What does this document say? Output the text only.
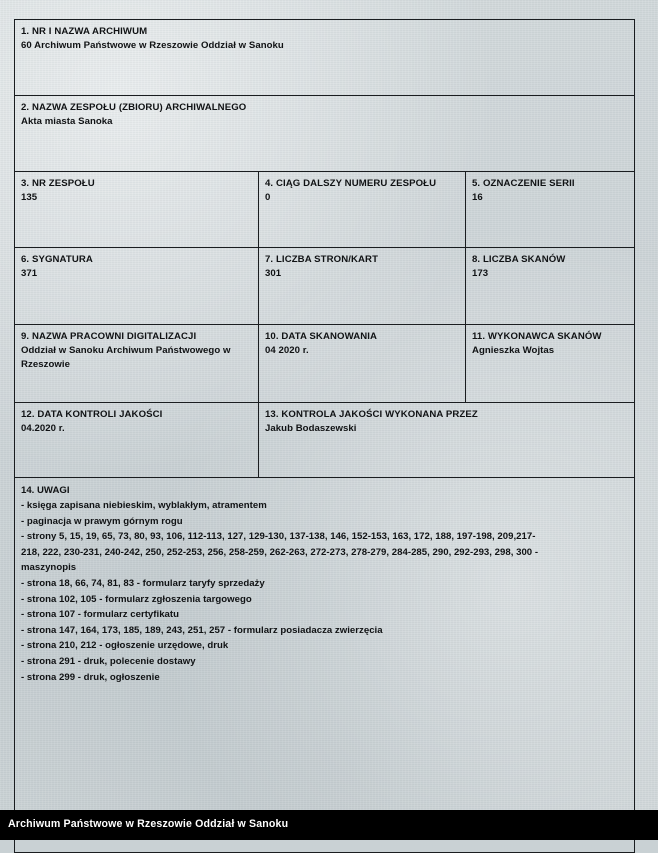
1. NR I NAZWA ARCHIWUM
60 Archiwum Państwowe w Rzeszowie Oddział w Sanoku		

2. NAZWA ZESPOŁU (ZBIORU) ARCHIWALNEGO
Akta miasta Sanoka		

3. NR ZESPOŁU
135

4. CIĄG DALSZY NUMERU ZESPOŁU
0

5. OZNACZENIE SERII
16

6. SYGNATURA
371

7. LICZBA STRON/KART
301

8. LICZBA SKANÓW
173

9. NAZWA PRACOWNI DIGITALIZACJI
Oddział w Sanoku Archiwum Państwowego w Rzeszowie

10. DATA SKANOWANIA
04 2020 r.

11. WYKONAWCA SKANÓW
Agnieszka Wojtas

12. DATA KONTROLI JAKOŚCI
04.2020 r.

13. KONTROLA JAKOŚCI WYKONANA PRZEZ
Jakub Bodaszewski

14. UWAGI
- księga zapisana niebieskim, wyblakłym, atramentem
- paginacja w prawym górnym rogu
- strony 5, 15, 19, 65, 73, 80, 93, 106, 112-113, 127, 129-130, 137-138, 146, 152-153, 163, 172, 188, 197-198, 209,217-
218, 222, 230-231, 240-242, 250, 252-253, 256, 258-259, 262-263, 272-273, 278-279, 284-285, 290, 292-293, 298, 300 -
maszynopis
- strona 18, 66, 74, 81, 83 - formularz taryfy sprzedaży
- strona 102, 105 - formularz zgłoszenia targowego
- strona 107 - formularz certyfikatu
- strona 147, 164, 173, 185, 189, 243, 251, 257 - formularz posiadacza zwierzęcia
- strona 210, 212 - ogłoszenie urzędowe, druk
- strona 291 - druk, polecenie dostawy
- strona 299 - druk, ogłoszenie
Archiwum Państwowe w Rzeszowie Oddział w Sanoku
